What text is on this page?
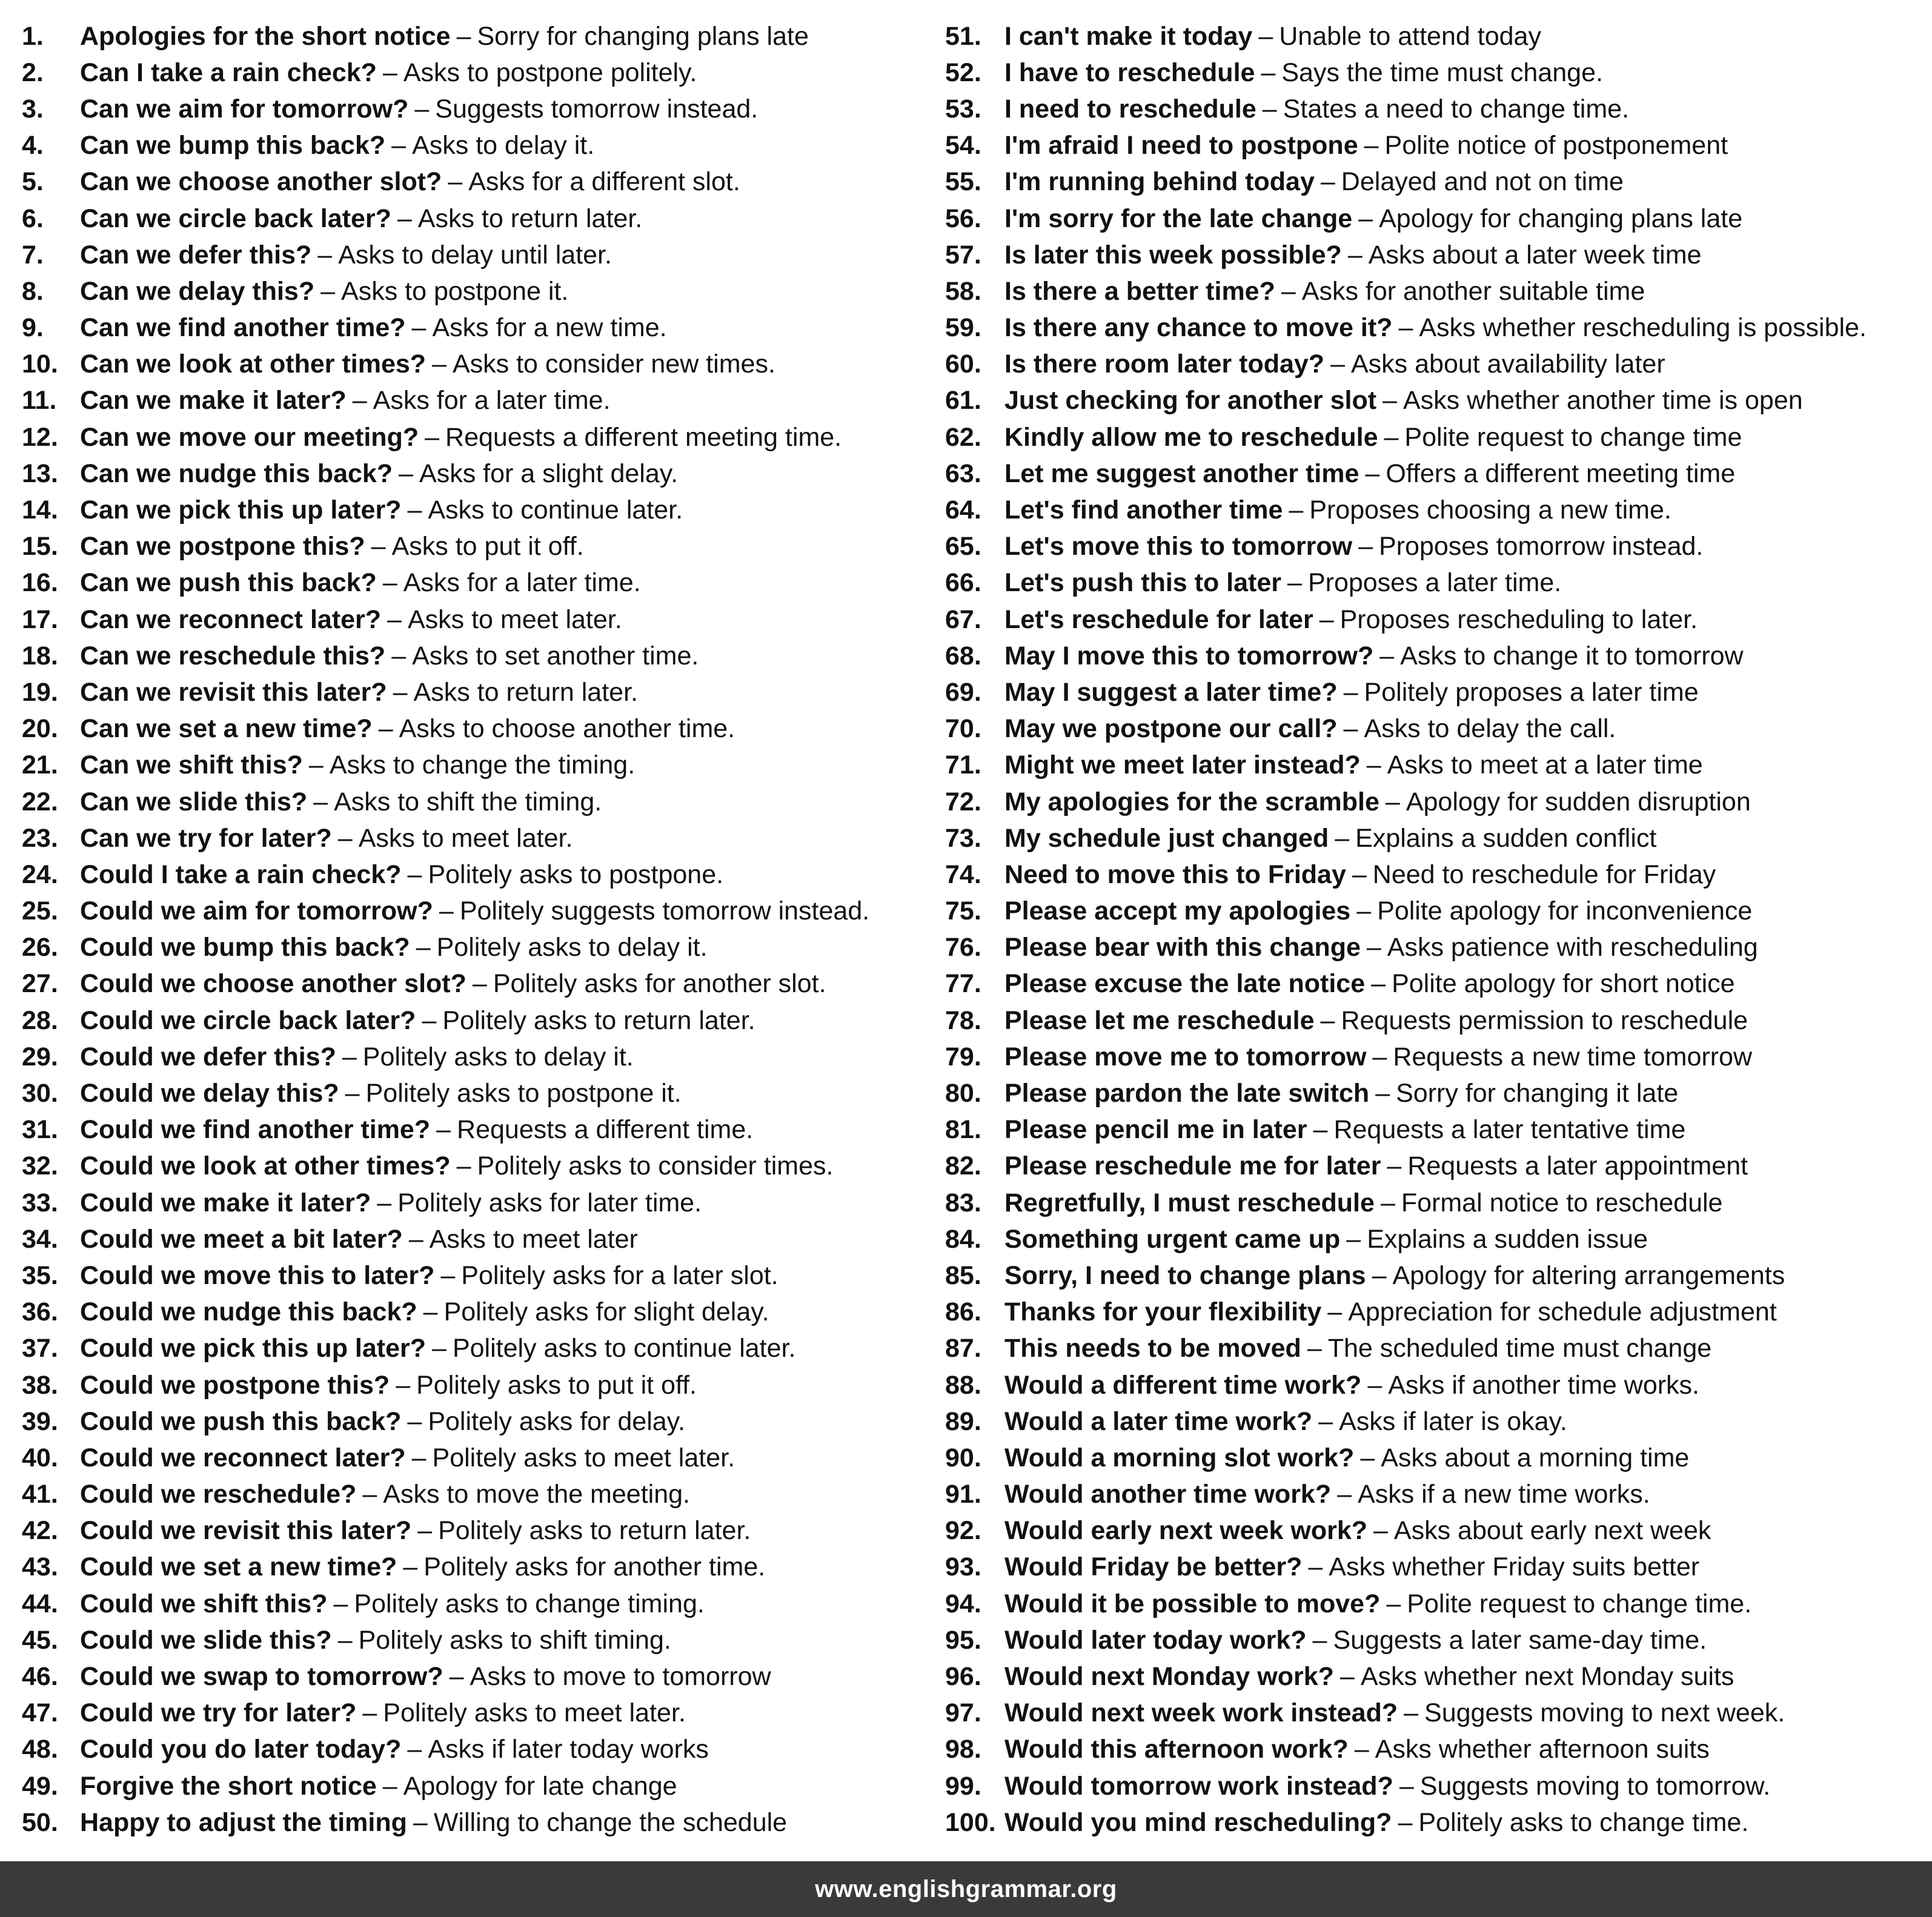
1.	Apologies for the short notice – Sorry for changing plans late
2.	Can I take a rain check? – Asks to postpone politely.
3.	Can we aim for tomorrow? – Suggests tomorrow instead.
4.	Can we bump this back? – Asks to delay it.
5.	Can we choose another slot? – Asks for a different slot.
6.	Can we circle back later? – Asks to return later.
7.	Can we defer this? – Asks to delay until later.
8.	Can we delay this? – Asks to postpone it.
9.	Can we find another time? – Asks for a new time.
10. Can we look at other times? – Asks to consider new times.
11. Can we make it later? – Asks for a later time.
12. Can we move our meeting? – Requests a different meeting time.
13. Can we nudge this back? – Asks for a slight delay.
14. Can we pick this up later? – Asks to continue later.
15. Can we postpone this? – Asks to put it off.
16. Can we push this back? – Asks for a later time.
17. Can we reconnect later? – Asks to meet later.
18. Can we reschedule this? – Asks to set another time.
19. Can we revisit this later? – Asks to return later.
20. Can we set a new time? – Asks to choose another time.
21. Can we shift this? – Asks to change the timing.
22. Can we slide this? – Asks to shift the timing.
23. Can we try for later? – Asks to meet later.
24. Could I take a rain check? – Politely asks to postpone.
25. Could we aim for tomorrow? – Politely suggests tomorrow instead.
26. Could we bump this back? – Politely asks to delay it.
27. Could we choose another slot? – Politely asks for another slot.
28. Could we circle back later? – Politely asks to return later.
29. Could we defer this? – Politely asks to delay it.
30. Could we delay this? – Politely asks to postpone it.
31. Could we find another time? – Requests a different time.
32. Could we look at other times? – Politely asks to consider times.
33. Could we make it later? – Politely asks for later time.
34. Could we meet a bit later? – Asks to meet later
35. Could we move this to later? – Politely asks for a later slot.
36. Could we nudge this back? – Politely asks for slight delay.
37. Could we pick this up later? – Politely asks to continue later.
38. Could we postpone this? – Politely asks to put it off.
39. Could we push this back? – Politely asks for delay.
40. Could we reconnect later? – Politely asks to meet later.
41. Could we reschedule? – Asks to move the meeting.
42. Could we revisit this later? – Politely asks to return later.
43. Could we set a new time? – Politely asks for another time.
44. Could we shift this? – Politely asks to change timing.
45. Could we slide this? – Politely asks to shift timing.
46. Could we swap to tomorrow? – Asks to move to tomorrow
47. Could we try for later? – Politely asks to meet later.
48. Could you do later today? – Asks if later today works
49. Forgive the short notice – Apology for late change
50. Happy to adjust the timing – Willing to change the schedule
51. I can't make it today – Unable to attend today
52. I have to reschedule – Says the time must change.
53. I need to reschedule – States a need to change time.
54. I'm afraid I need to postpone – Polite notice of postponement
55. I'm running behind today – Delayed and not on time
56. I'm sorry for the late change – Apology for changing plans late
57. Is later this week possible? – Asks about a later week time
58. Is there a better time? – Asks for another suitable time
59. Is there any chance to move it? – Asks whether rescheduling is possible.
60. Is there room later today? – Asks about availability later
61. Just checking for another slot – Asks whether another time is open
62. Kindly allow me to reschedule – Polite request to change time
63. Let me suggest another time – Offers a different meeting time
64. Let's find another time – Proposes choosing a new time.
65. Let's move this to tomorrow – Proposes tomorrow instead.
66. Let's push this to later – Proposes a later time.
67. Let's reschedule for later – Proposes rescheduling to later.
68. May I move this to tomorrow? – Asks to change it to tomorrow
69. May I suggest a later time? – Politely proposes a later time
70. May we postpone our call? – Asks to delay the call.
71. Might we meet later instead? – Asks to meet at a later time
72. My apologies for the scramble – Apology for sudden disruption
73. My schedule just changed – Explains a sudden conflict
74. Need to move this to Friday – Need to reschedule for Friday
75. Please accept my apologies – Polite apology for inconvenience
76. Please bear with this change – Asks patience with rescheduling
77. Please excuse the late notice – Polite apology for short notice
78. Please let me reschedule – Requests permission to reschedule
79. Please move me to tomorrow – Requests a new time tomorrow
80. Please pardon the late switch – Sorry for changing it late
81. Please pencil me in later – Requests a later tentative time
82. Please reschedule me for later – Requests a later appointment
83. Regretfully, I must reschedule – Formal notice to reschedule
84. Something urgent came up – Explains a sudden issue
85. Sorry, I need to change plans – Apology for altering arrangements
86. Thanks for your flexibility – Appreciation for schedule adjustment
87. This needs to be moved – The scheduled time must change
88. Would a different time work? – Asks if another time works.
89. Would a later time work? – Asks if later is okay.
90. Would a morning slot work? – Asks about a morning time
91. Would another time work? – Asks if a new time works.
92. Would early next week work? – Asks about early next week
93. Would Friday be better? – Asks whether Friday suits better
94. Would it be possible to move? – Polite request to change time.
95. Would later today work? – Suggests a later same-day time.
96. Would next Monday work? – Asks whether next Monday suits
97. Would next week work instead? – Suggests moving to next week.
98. Would this afternoon work? – Asks whether afternoon suits
99. Would tomorrow work instead? – Suggests moving to tomorrow.
100. Would you mind rescheduling? – Politely asks to change time.
www.englishgrammar.org
